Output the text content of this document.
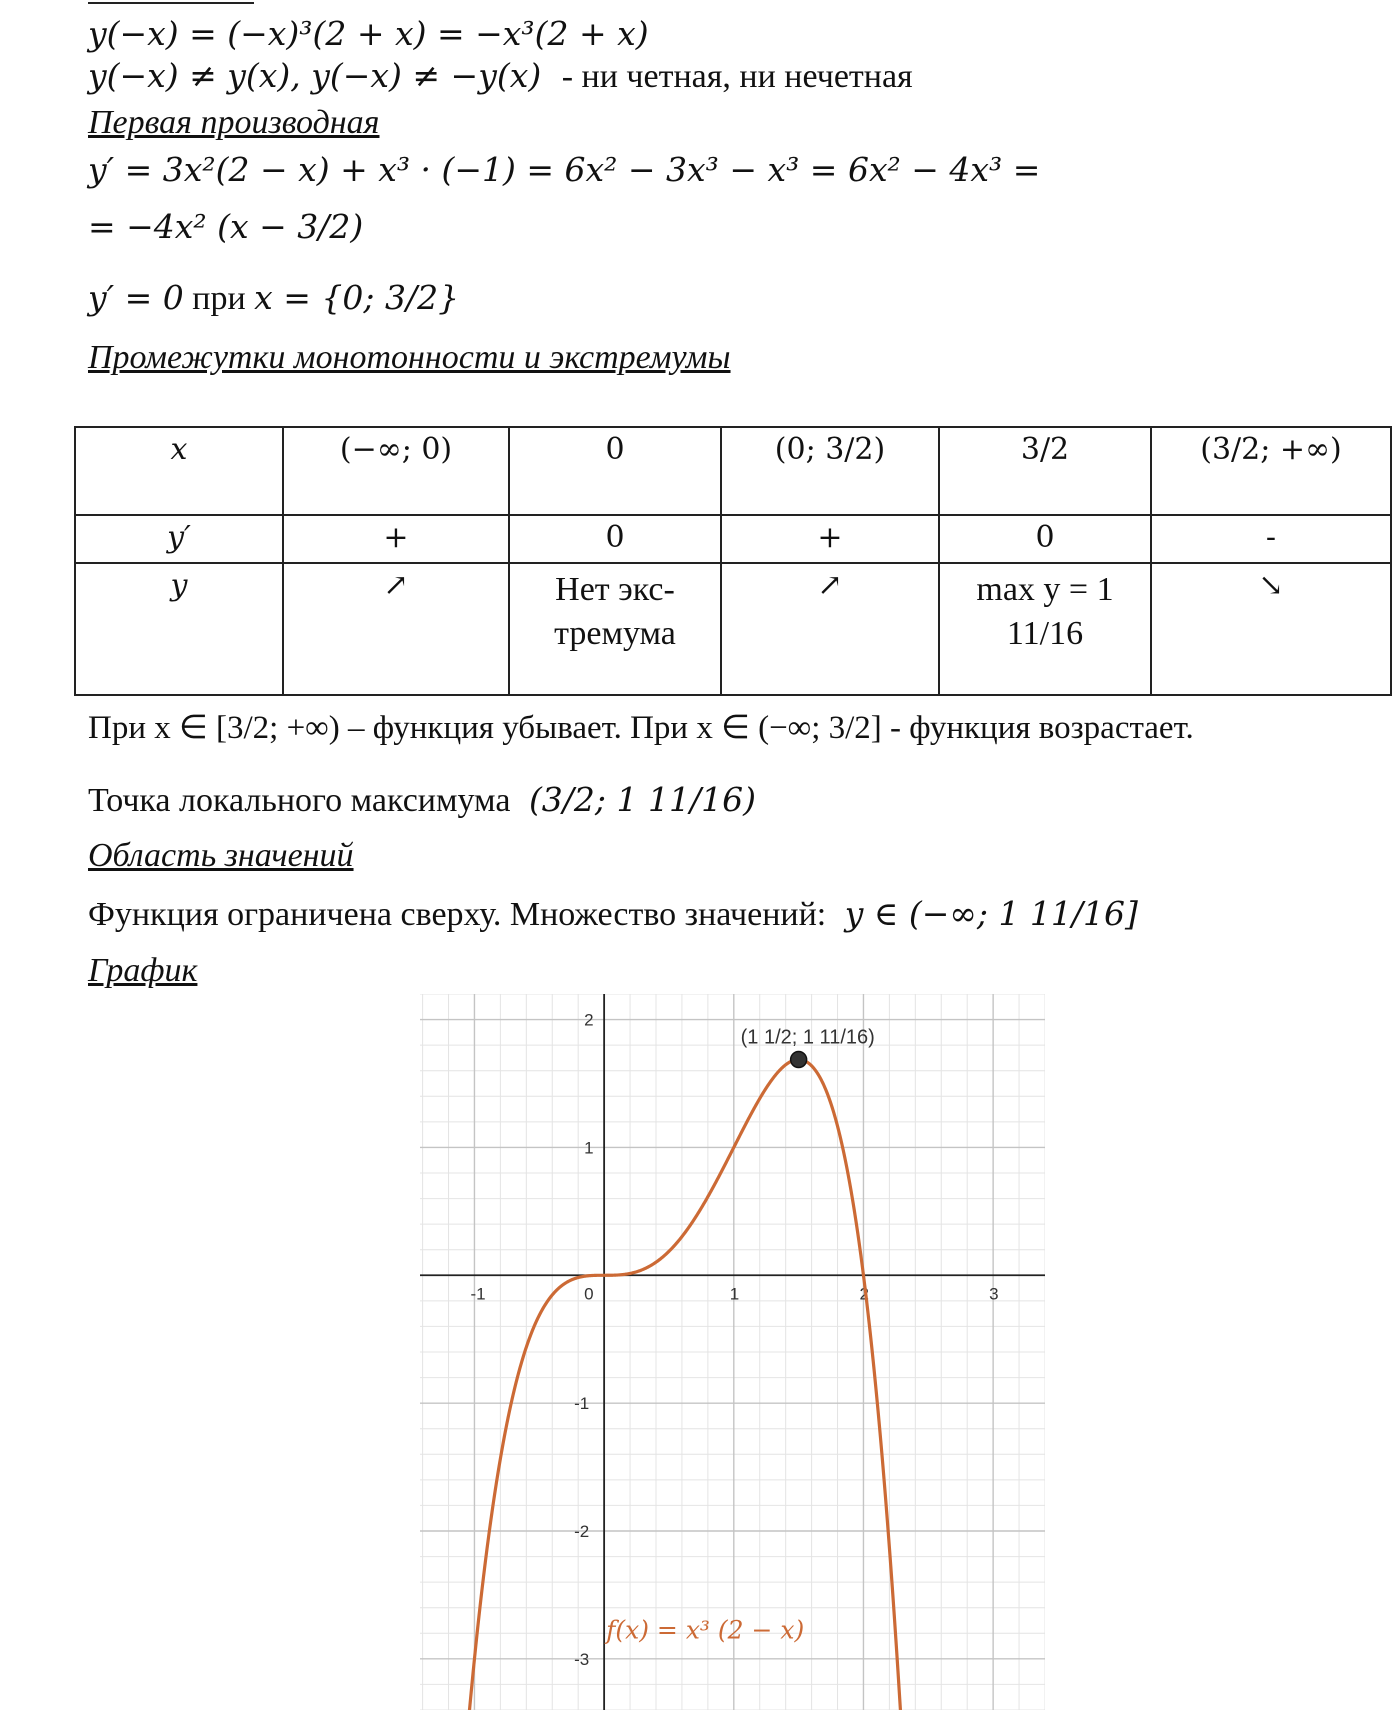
y(−x) = (−x)³(2 + x) = −x³(2 + x)
y(−x) ≠ y(x), y(−x) ≠ −y(x) - ни четная, ни нечетная
Первая производная
y′ = 3x²(2 − x) + x³ · (−1) = 6x² − 3x³ − x³ = 6x² − 4x³ =
= −4x² (x − 3/2)
y′ = 0 при x = {0; 3/2}
Промежутки монотонности и экстремумы
x	(−∞; 0)	0	(0; 3/2)	3/2	(3/2; +∞)
y′	+	0	+	0	-
y	↗	Нет экс-тремума	↗	max y = 1 11/16	↘
При x ∈ [3/2; +∞) – функция убывает. При x ∈ (−∞; 3/2] - функция возрастает.
Точка локального максимума (3/2; 1 11/16)
Область значений
Функция ограничена сверху. Множество значений: y ∈ (−∞; 1 11/16]
График
-1	0	1	2	3
2
1
-1
-2
-3
(1 1/2; 1 11/16)
f(x) = x³ (2 − x)
